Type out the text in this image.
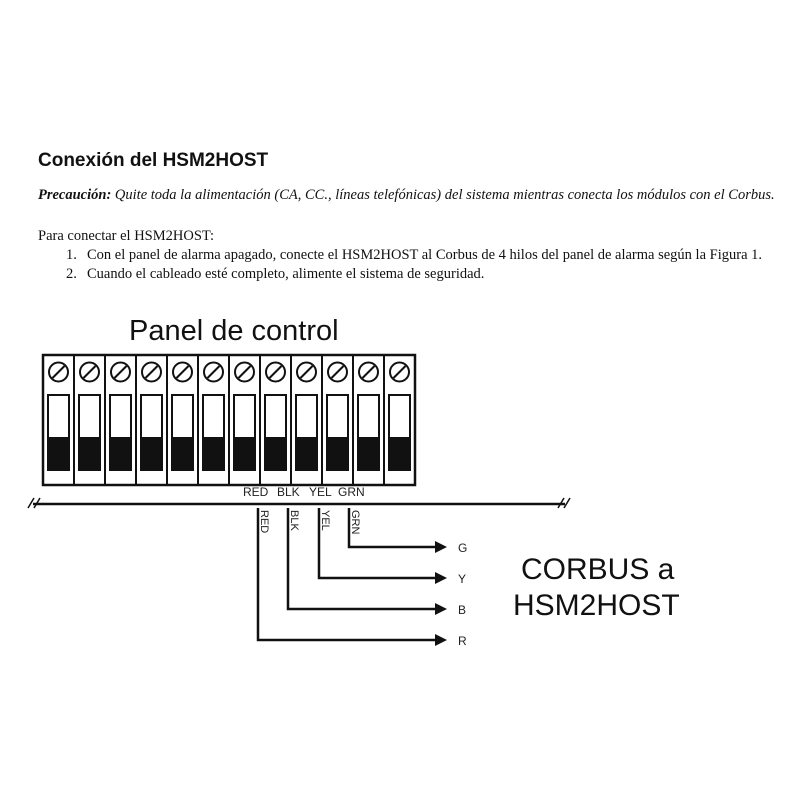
Conexión del HSM2HOST
Precaución: Quite toda la alimentación (CA, CC., líneas telefónicas) del sistema mientras conecta los módulos con el Corbus.
Para conectar el HSM2HOST:
1. Con el panel de alarma apagado, conecte el HSM2HOST al Corbus de 4 hilos del panel de alarma según la Figura 1.
2. Cuando el cableado esté completo, alimente el sistema de seguridad.
Panel de control
RED BLK YEL GRN
RED BLK YEL GRN
G
Y
B
R
CORBUS a
HSM2HOST
